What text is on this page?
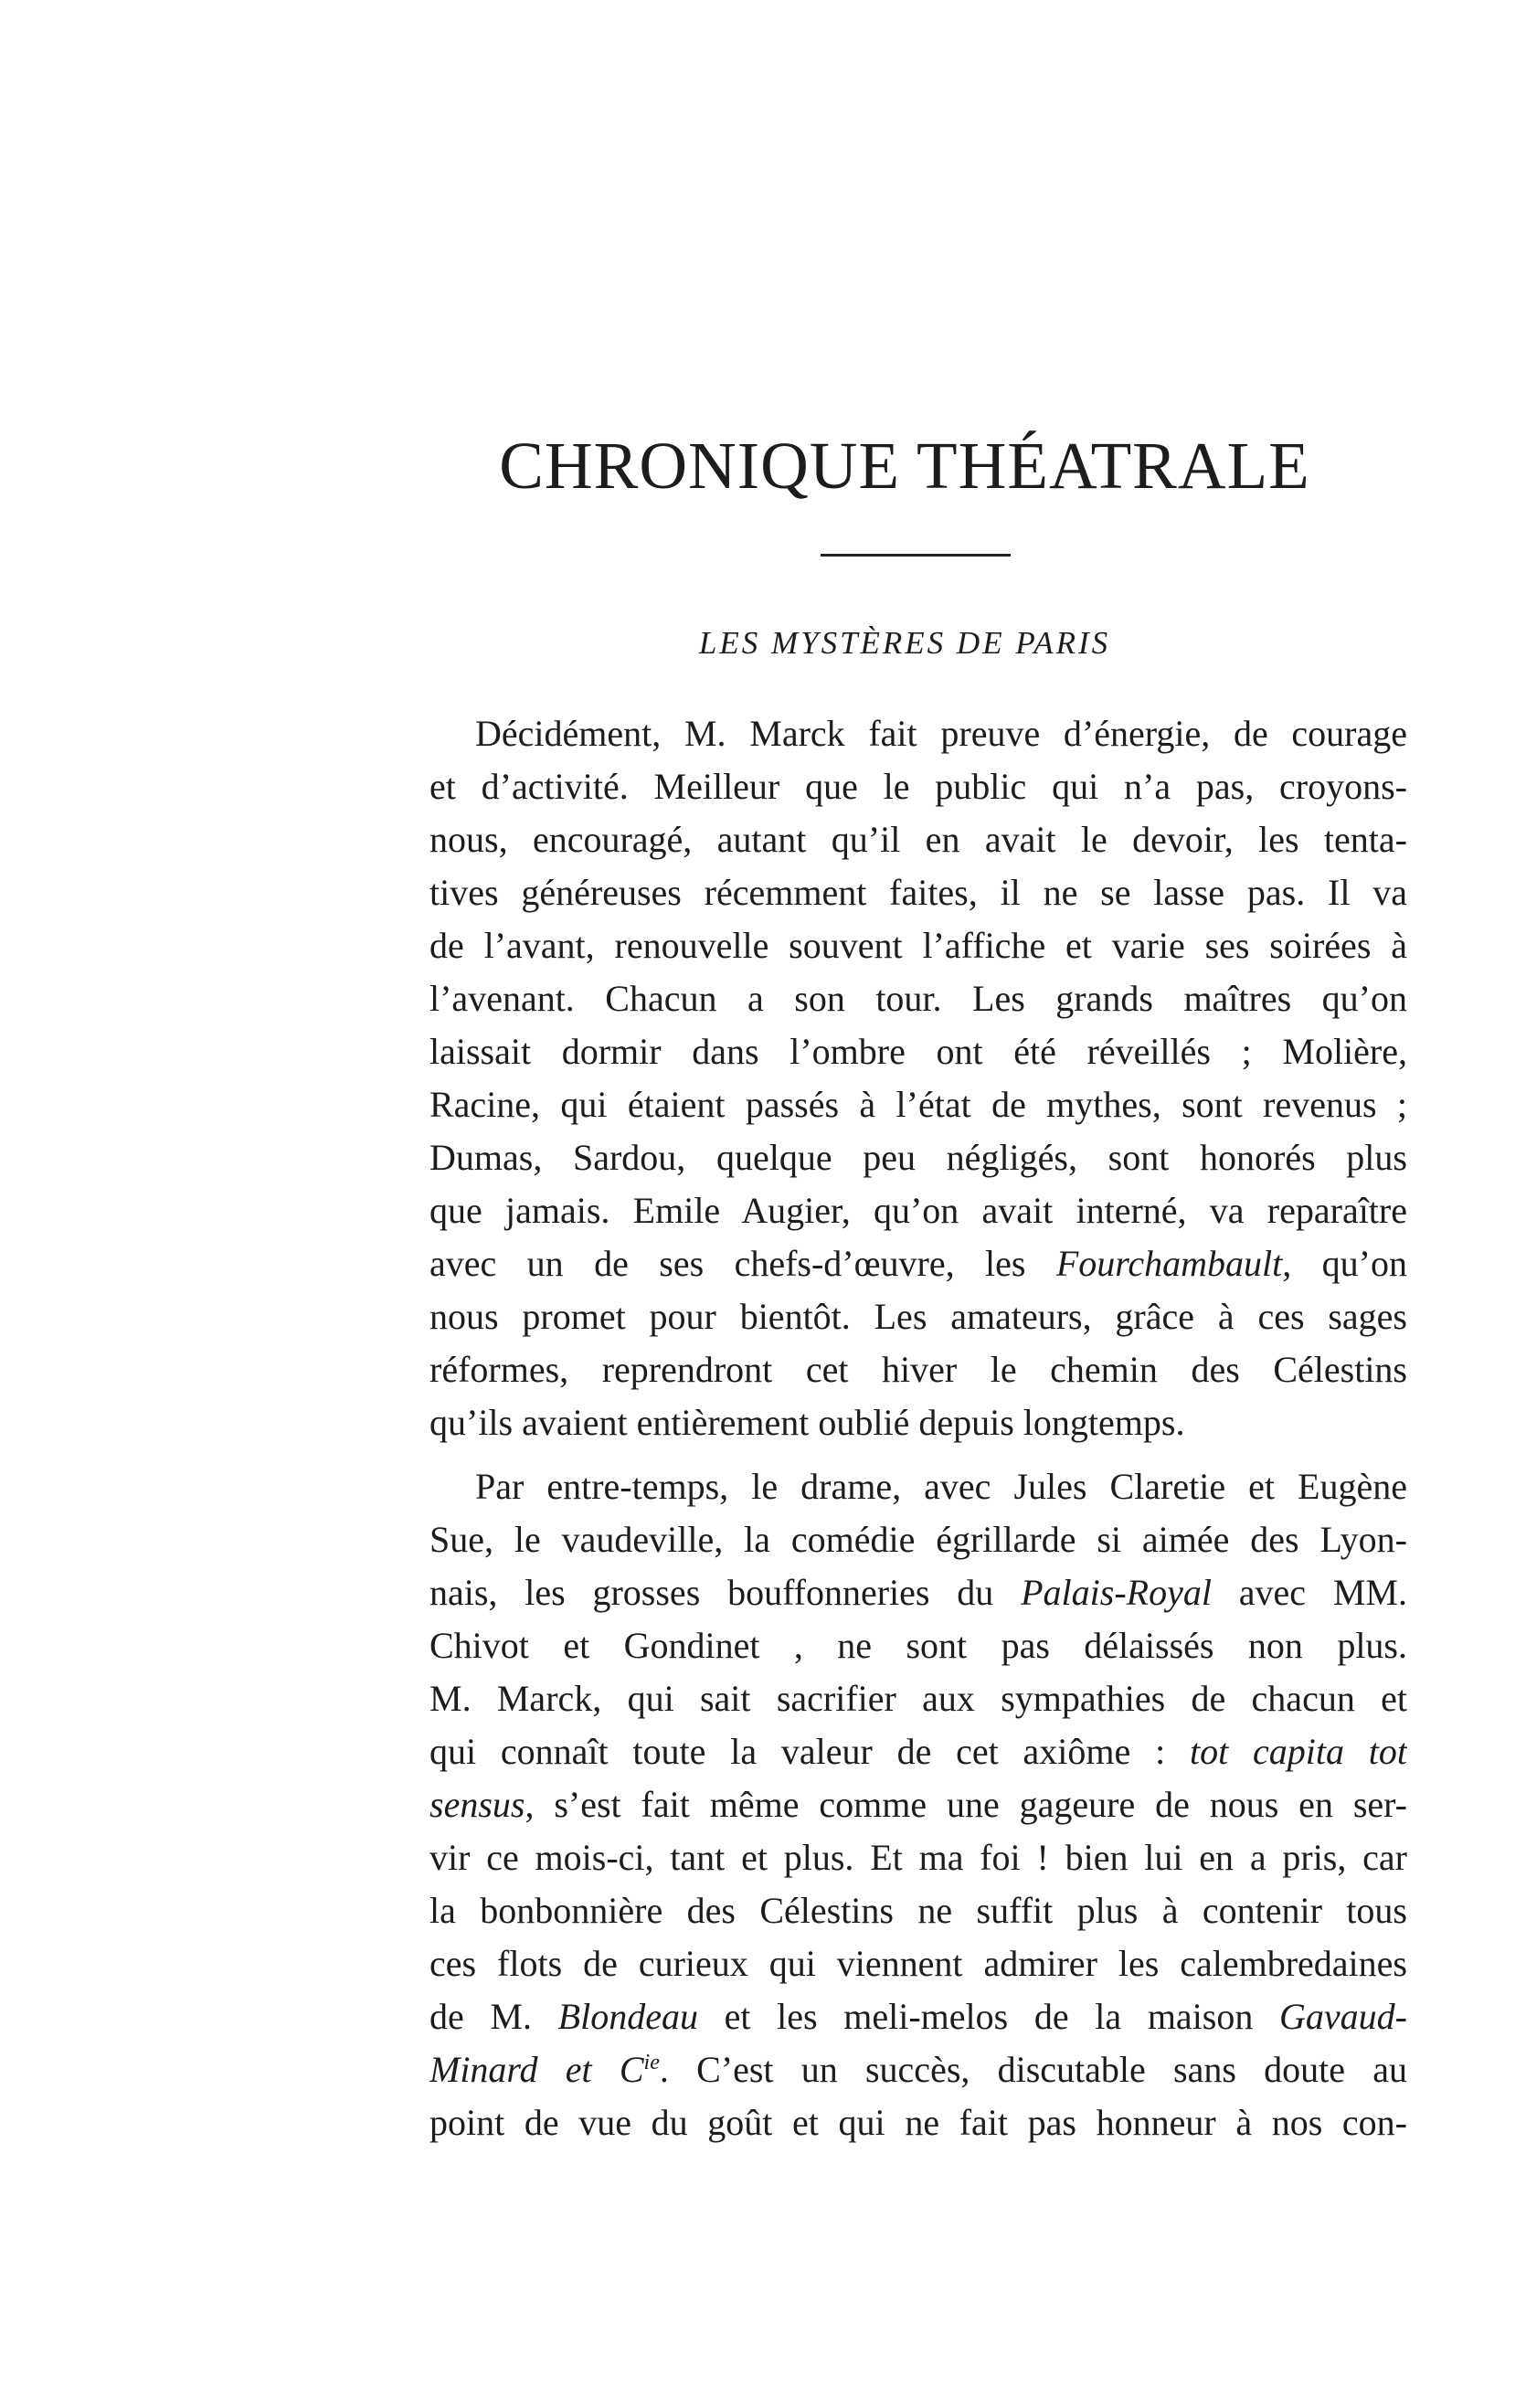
CHRONIQUE THÉATRALE
LES MYSTÈRES DE PARIS
Décidément, M. Marck fait preuve d’énergie, de courage
et d’activité. Meilleur que le public qui n’a pas, croyons-
nous, encouragé, autant qu’il en avait le devoir, les tenta-
tives généreuses récemment faites, il ne se lasse pas. Il va
de l’avant, renouvelle souvent l’affiche et varie ses soirées à
l’avenant. Chacun a son tour. Les grands maîtres qu’on
laissait dormir dans l’ombre ont été réveillés ; Molière,
Racine, qui étaient passés à l’état de mythes, sont revenus ;
Dumas, Sardou, quelque peu négligés, sont honorés plus
que jamais. Emile Augier, qu’on avait interné, va reparaître
avec un de ses chefs-d’œuvre, les Fourchambault, qu’on
nous promet pour bientôt. Les amateurs, grâce à ces sages
réformes, reprendront cet hiver le chemin des Célestins
qu’ils avaient entièrement oublié depuis longtemps.
Par entre-temps, le drame, avec Jules Claretie et Eugène
Sue, le vaudeville, la comédie égrillarde si aimée des Lyon-
nais, les grosses bouffonneries du Palais-Royal avec MM.
Chivot et Gondinet , ne sont pas délaissés non plus.
M. Marck, qui sait sacrifier aux sympathies de chacun et
qui connaît toute la valeur de cet axiôme : tot capita tot
sensus, s’est fait même comme une gageure de nous en ser-
vir ce mois-ci, tant et plus. Et ma foi ! bien lui en a pris, car
la bonbonnière des Célestins ne suffit plus à contenir tous
ces flots de curieux qui viennent admirer les calembredaines
de M. Blondeau et les meli-melos de la maison Gavaud-
Minard et $C^{ie}$. C’est un succès, discutable sans doute au
point de vue du goût et qui ne fait pas honneur à nos con-
